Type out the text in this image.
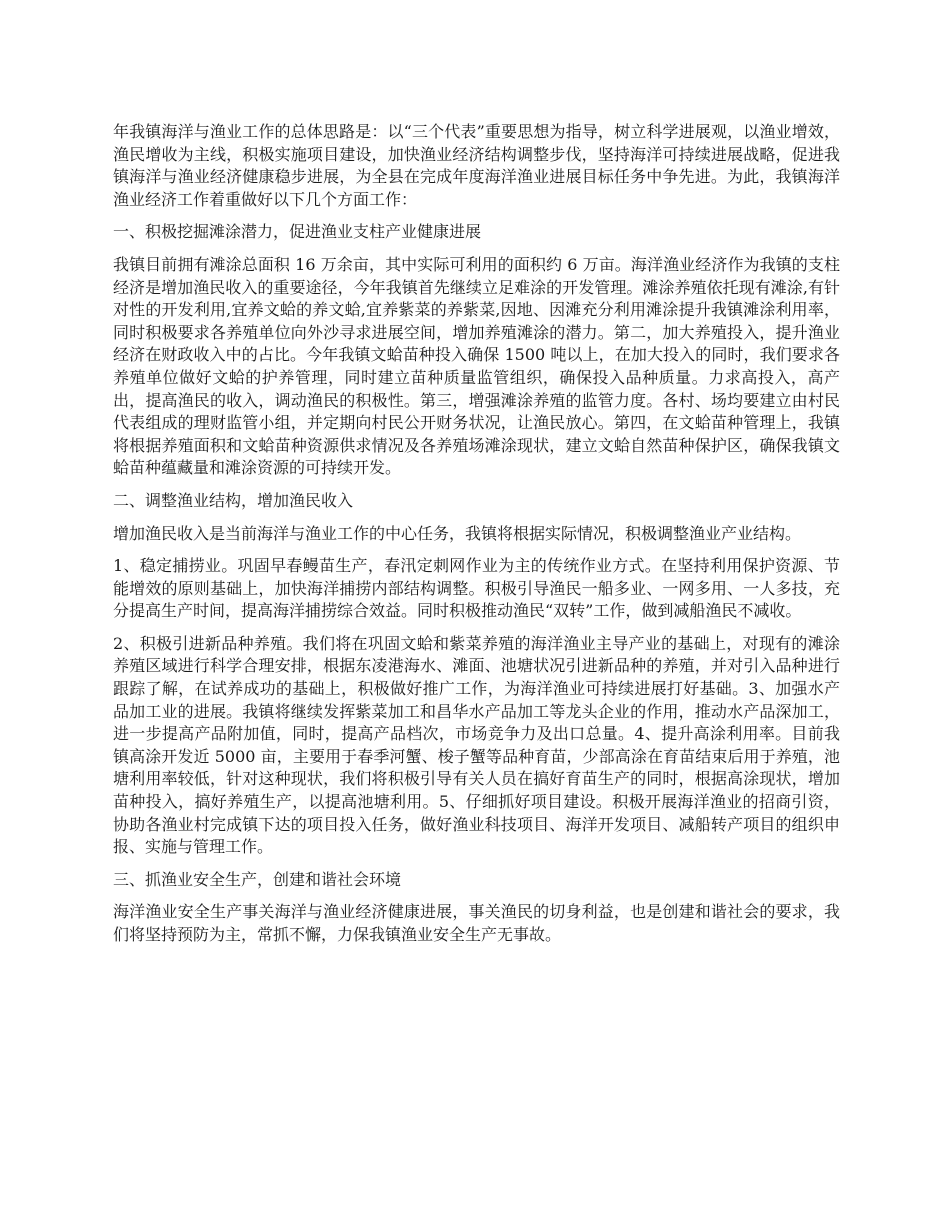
年我镇海洋与渔业工作的总体思路是：以“三个代表”重要思想为指导，树立科学进展观，以渔业增效，渔民增收为主线，积极实施项目建设，加快渔业经济结构调整步伐，坚持海洋可持续进展战略，促进我镇海洋与渔业经济健康稳步进展，为全县在完成年度海洋渔业进展目标任务中争先进。为此，我镇海洋渔业经济工作着重做好以下几个方面工作：

一、积极挖掘滩涂潜力，促进渔业支柱产业健康进展

我镇目前拥有滩涂总面积 16 万余亩，其中实际可利用的面积约 6 万亩。海洋渔业经济作为我镇的支柱经济是增加渔民收入的重要途径，今年我镇首先继续立足难涂的开发管理。滩涂养殖依托现有滩涂,有针对性的开发利用,宜养文蛤的养文蛤,宜养紫菜的养紫菜,因地、因滩充分利用滩涂提升我镇滩涂利用率，同时积极要求各养殖单位向外沙寻求进展空间，增加养殖滩涂的潜力。第二，加大养殖投入，提升渔业经济在财政收入中的占比。今年我镇文蛤苗种投入确保 1500 吨以上，在加大投入的同时，我们要求各养殖单位做好文蛤的护养管理，同时建立苗种质量监管组织，确保投入品种质量。力求高投入，高产出，提高渔民的收入，调动渔民的积极性。第三，增强滩涂养殖的监管力度。各村、场均要建立由村民代表组成的理财监管小组，并定期向村民公开财务状况，让渔民放心。第四，在文蛤苗种管理上，我镇将根据养殖面积和文蛤苗种资源供求情况及各养殖场滩涂现状，建立文蛤自然苗种保护区，确保我镇文蛤苗种蕴藏量和滩涂资源的可持续开发。

二、调整渔业结构，增加渔民收入

增加渔民收入是当前海洋与渔业工作的中心任务，我镇将根据实际情况，积极调整渔业产业结构。

1、稳定捕捞业。巩固早春鳗苗生产，春汛定刺网作业为主的传统作业方式。在坚持利用保护资源、节能增效的原则基础上，加快海洋捕捞内部结构调整。积极引导渔民一船多业、一网多用、一人多技，充分提高生产时间，提高海洋捕捞综合效益。同时积极推动渔民“双转”工作，做到减船渔民不减收。

2、积极引进新品种养殖。我们将在巩固文蛤和紫菜养殖的海洋渔业主导产业的基础上，对现有的滩涂养殖区域进行科学合理安排，根据东凌港海水、滩面、池塘状况引进新品种的养殖，并对引入品种进行跟踪了解，在试养成功的基础上，积极做好推广工作，为海洋渔业可持续进展打好基础。3、加强水产品加工业的进展。我镇将继续发挥紫菜加工和昌华水产品加工等龙头企业的作用，推动水产品深加工，进一步提高产品附加值，同时，提高产品档次，市场竞争力及出口总量。4、提升高涂利用率。目前我镇高涂开发近 5000 亩，主要用于春季河蟹、梭子蟹等品种育苗，少部高涂在育苗结束后用于养殖，池塘利用率较低，针对这种现状，我们将积极引导有关人员在搞好育苗生产的同时，根据高涂现状，增加苗种投入，搞好养殖生产，以提高池塘利用。5、仔细抓好项目建设。积极开展海洋渔业的招商引资，协助各渔业村完成镇下达的项目投入任务，做好渔业科技项目、海洋开发项目、减船转产项目的组织申报、实施与管理工作。

三、抓渔业安全生产，创建和谐社会环境

海洋渔业安全生产事关海洋与渔业经济健康进展，事关渔民的切身利益，也是创建和谐社会的要求，我们将坚持预防为主，常抓不懈，力保我镇渔业安全生产无事故。
